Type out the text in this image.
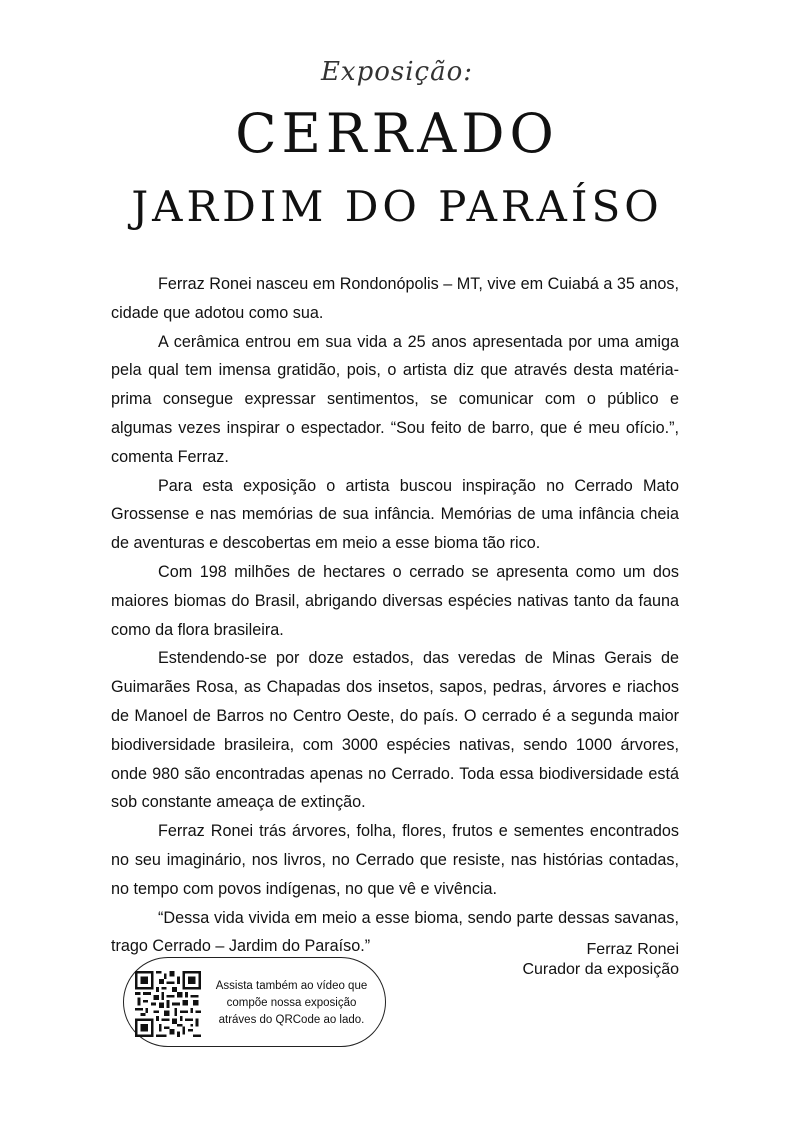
Exposição:
CERRADO
JARDIM DO PARAÍSO

Ferraz Ronei nasceu em Rondonópolis – MT, vive em Cuiabá a 35 anos, cidade que adotou como sua.

A cerâmica entrou em sua vida a 25 anos apresentada por uma amiga pela qual tem imensa gratidão, pois, o artista diz que através desta matéria-prima consegue expressar sentimentos, se comunicar com o público e algumas vezes inspirar o espectador. “Sou feito de barro, que é meu ofício.”, comenta Ferraz.

Para esta exposição o artista buscou inspiração no Cerrado Mato Grossense e nas memórias de sua infância. Memórias de uma infância cheia de aventuras e descobertas em meio a esse bioma tão rico.

Com 198 milhões de hectares o cerrado se apresenta como um dos maiores biomas do Brasil, abrigando diversas espécies nativas tanto da fauna como da flora brasileira.

Estendendo-se por doze estados, das veredas de Minas Gerais de Guimarães Rosa, as Chapadas dos insetos, sapos, pedras, árvores e riachos de Manoel de Barros no Centro Oeste, do país. O cerrado é a segunda maior biodiversidade brasileira, com 3000 espécies nativas, sendo 1000 árvores, onde 980 são encontradas apenas no Cerrado. Toda essa biodiversidade está sob constante ameaça de extinção.

Ferraz Ronei trás árvores, folha, flores, frutos e sementes encontrados no seu imaginário, nos livros, no Cerrado que resiste, nas histórias contadas, no tempo com povos indígenas, no que vê e vivência.

“Dessa vida vivida em meio a esse bioma, sendo parte dessas savanas, trago Cerrado – Jardim do Paraíso.”	Ferraz Ronei
Curador da exposição
Assista também ao vídeo que
compõe nossa exposição
atráves do QRCode ao lado.
